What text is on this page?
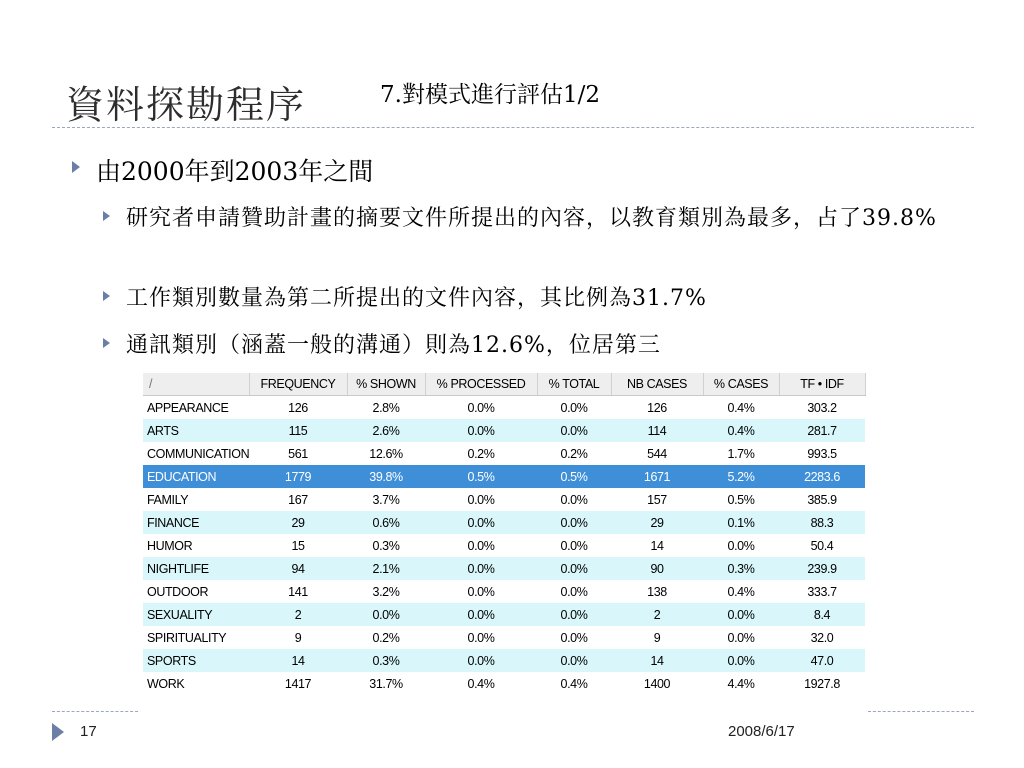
資料探勘程序	7.對模式進行評估1/2
由2000年到2003年之間
研究者申請贊助計畫的摘要文件所提出的內容，以教育類別為最多，占了39.8%
工作類別數量為第二所提出的文件內容，其比例為31.7%
通訊類別（涵蓋一般的溝通）則為12.6%，位居第三
/	FREQUENCY	% SHOWN	% PROCESSED	% TOTAL	NB CASES	% CASES	TF • IDF
APPEARANCE	126	2.8%	0.0%	0.0%	126	0.4%	303.2
ARTS	115	2.6%	0.0%	0.0%	114	0.4%	281.7
COMMUNICATION	561	12.6%	0.2%	0.2%	544	1.7%	993.5
EDUCATION	1779	39.8%	0.5%	0.5%	1671	5.2%	2283.6
FAMILY	167	3.7%	0.0%	0.0%	157	0.5%	385.9
FINANCE	29	0.6%	0.0%	0.0%	29	0.1%	88.3
HUMOR	15	0.3%	0.0%	0.0%	14	0.0%	50.4
NIGHTLIFE	94	2.1%	0.0%	0.0%	90	0.3%	239.9
OUTDOOR	141	3.2%	0.0%	0.0%	138	0.4%	333.7
SEXUALITY	2	0.0%	0.0%	0.0%	2	0.0%	8.4
SPIRITUALITY	9	0.2%	0.0%	0.0%	9	0.0%	32.0
SPORTS	14	0.3%	0.0%	0.0%	14	0.0%	47.0
WORK	1417	31.7%	0.4%	0.4%	1400	4.4%	1927.8
17	2008/6/17
